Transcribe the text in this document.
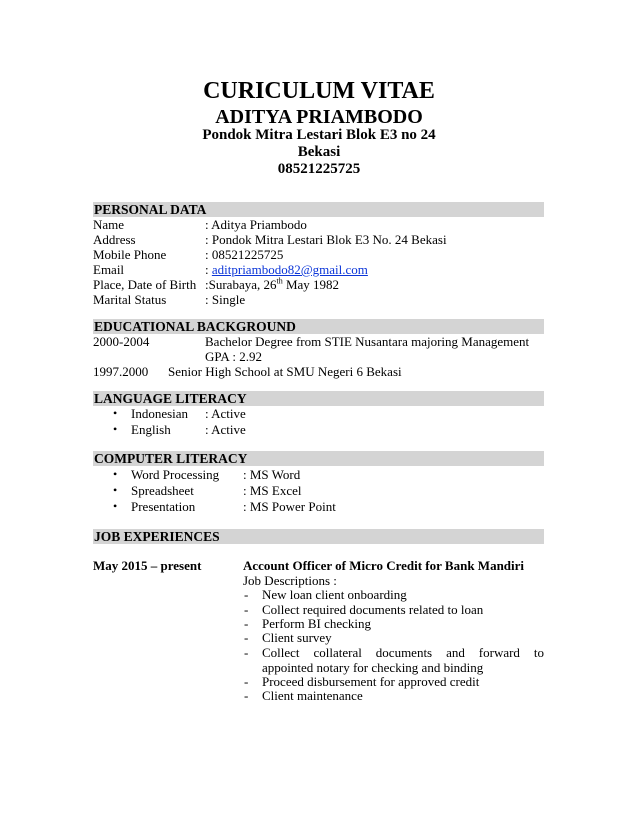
CURICULUM VITAE
ADITYA PRIAMBODO
Pondok Mitra Lestari Blok E3 no 24
Bekasi
08521225725
PERSONAL DATA
Name	: Aditya Priambodo
Address	: Pondok Mitra Lestari Blok E3 No. 24 Bekasi
Mobile Phone	: 08521225725
Email	: aditpriambodo82@gmail.com
Place, Date of Birth :Surabaya, 26th May 1982
Marital Status	: Single
EDUCATIONAL BACKGROUND
2000-2004	Bachelor Degree from STIE Nusantara majoring Management
GPA : 2.92
1997.2000 Senior High School at SMU Negeri 6 Bekasi
LANGUAGE LITERACY
• Indonesian : Active
• English	: Active
COMPUTER LITERACY
• Word Processing : MS Word
• Spreadsheet	: MS Excel
• Presentation	: MS Power Point
JOB EXPERIENCES
May 2015 – present	Account Officer of Micro Credit for Bank Mandiri
Job Descriptions :
- New loan client onboarding
- Collect required documents related to loan
- Perform BI checking
- Client survey
- Collect collateral documents and forward to appointed notary for checking and binding
- Proceed disbursement for approved credit
- Client maintenance
